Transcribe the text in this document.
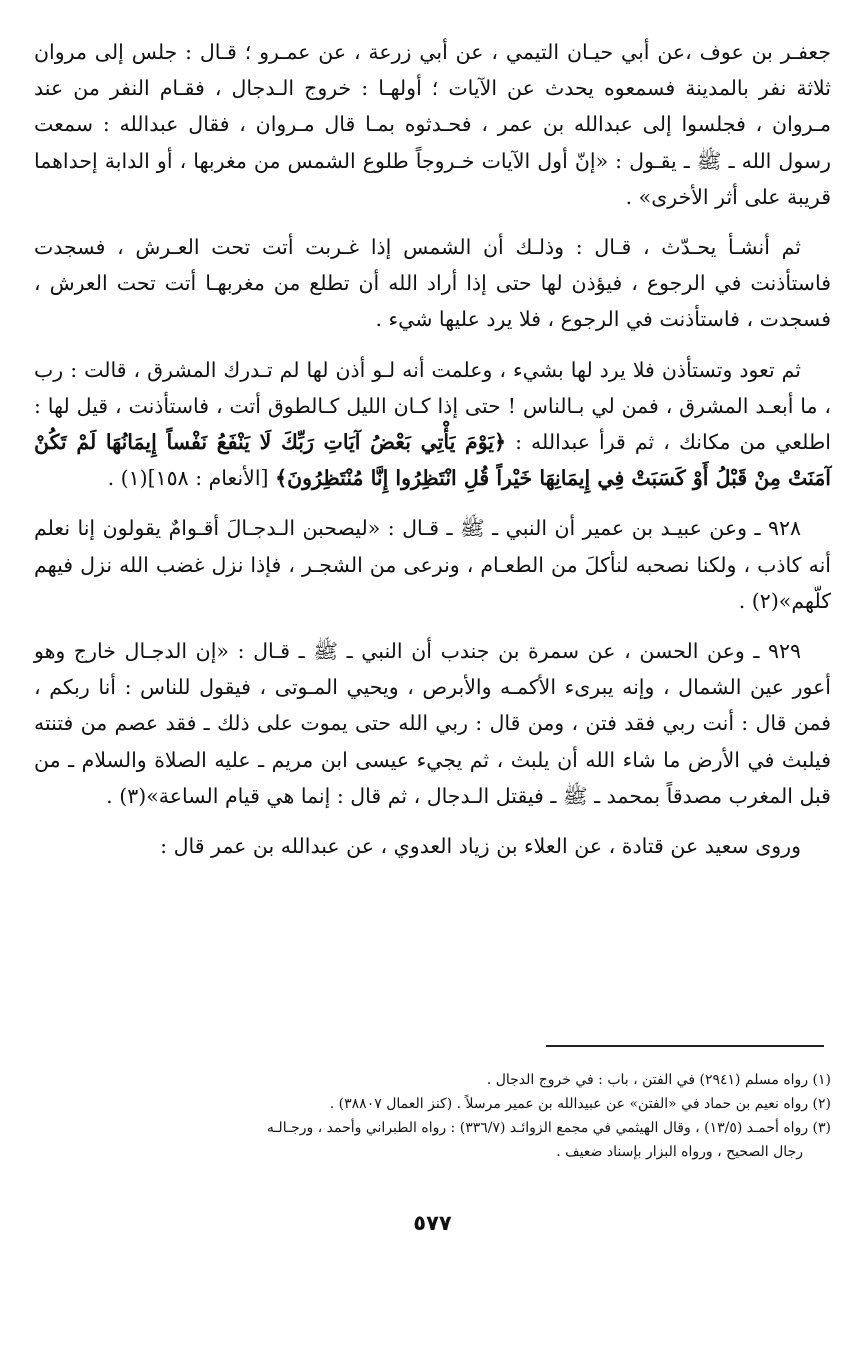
جعفـر بن عوف ،عن أبي حيـان التيمي ، عن أبي زرعة ، عن عمـرو ؛ قـال : جلس إلى مروان ثلاثة نفر بالمدينة فسمعوه يحدث عن الآيات ؛ أولهـا : خروج الـدجال ، فقـام النفر من عند مـروان ، فجلسوا إلى عبدالله بن عمر ، فحـدثوه بمـا قال مـروان ، فقال عبدالله : سمعت رسول الله ـ ﷺ ـ يقـول : «إنّ أول الآيات خـروجاً طلوع الشمس من مغربها ، أو الدابة إحداهما قريبة على أثر الأخرى» .

ثم أنشـأ يحـدّث ، قـال : وذلـك أن الشمس إذا غـربت أتت تحت العـرش ، فسجدت فاستأذنت في الرجوع ، فيؤذن لها حتى إذا أراد الله أن تطلع من مغربهـا أتت تحت العرش ، فسجدت ، فاستأذنت في الرجوع ، فلا يرد عليها شيء .

ثم تعود وتستأذن فلا يرد لها بشيء ، وعلمت أنه لـو أذن لها لم تـدرك المشرق ، قالت : رب ، ما أبعـد المشرق ، فمن لي بـالناس ! حتى إذا كـان الليل كـالطوق أتت ، فاستأذنت ، قيل لها : اطلعي من مكانك ، ثم قرأ عبدالله : ﴿يَوْمَ يَأْتِي بَعْضُ آيَاتِ رَبِّكَ لَا يَنْفَعُ نَفْساً إِيمَانُهَا لَمْ تَكُنْ آمَنَتْ مِنْ قَبْلُ أَوْ كَسَبَتْ فِي إِيمَانِهَا خَيْراً قُلِ انْتَظِرُوا إِنَّا مُنْتَظِرُونَ﴾ [الأنعام : ١٥٨](١) .

٩٢٨ ـ وعن عبيـد بن عمير أن النبي ـ ﷺ ـ قـال : «ليصحبن الـدجـالَ أقـوامٌ يقولون إنا نعلم أنه كاذب ، ولكنا نصحبه لنأكلَ من الطعـام ، ونرعى من الشجـر ، فإذا نزل غضب الله نزل فيهم كلّهم»(٢) .

٩٢٩ ـ وعن الحسن ، عن سمرة بن جندب أن النبي ـ ﷺ ـ قـال : «إن الدجـال خارج وهو أعور عين الشمال ، وإنه يبرىء الأكمـه والأبرص ، ويحيي المـوتى ، فيقول للناس : أنا ربكم ، فمن قال : أنت ربي فقد فتن ، ومن قال : ربي الله حتى يموت على ذلك ـ فقد عصم من فتنته فيلبث في الأرض ما شاء الله أن يلبث ، ثم يجيء عيسى ابن مريم ـ عليه الصلاة والسلام ـ من قبل المغرب مصدقاً بمحمد ـ ﷺ ـ فيقتل الـدجال ، ثم قال : إنما هي قيام الساعة»(٣) .

وروى سعيد عن قتادة ، عن العلاء بن زياد العدوي ، عن عبدالله بن عمر قال :

(١) رواه مسلم (٢٩٤١) في الفتن ، باب : في خروج الدجال .

(٢) رواه نعيم بن حماد في «الفتن» عن عبيدالله بن عمير مرسلاً . (كنز العمال ٣٨٨٠٧) .

(٣) رواه أحمـد (١٣/٥) ، وقال الهيثمي في مجمع الزوائـد (٣٣٦/٧) : رواه الطبراني وأحمد ، ورجـالـه
رجال الصحيح ، ورواه البزار بإسناد ضعيف .

٥٧٧
